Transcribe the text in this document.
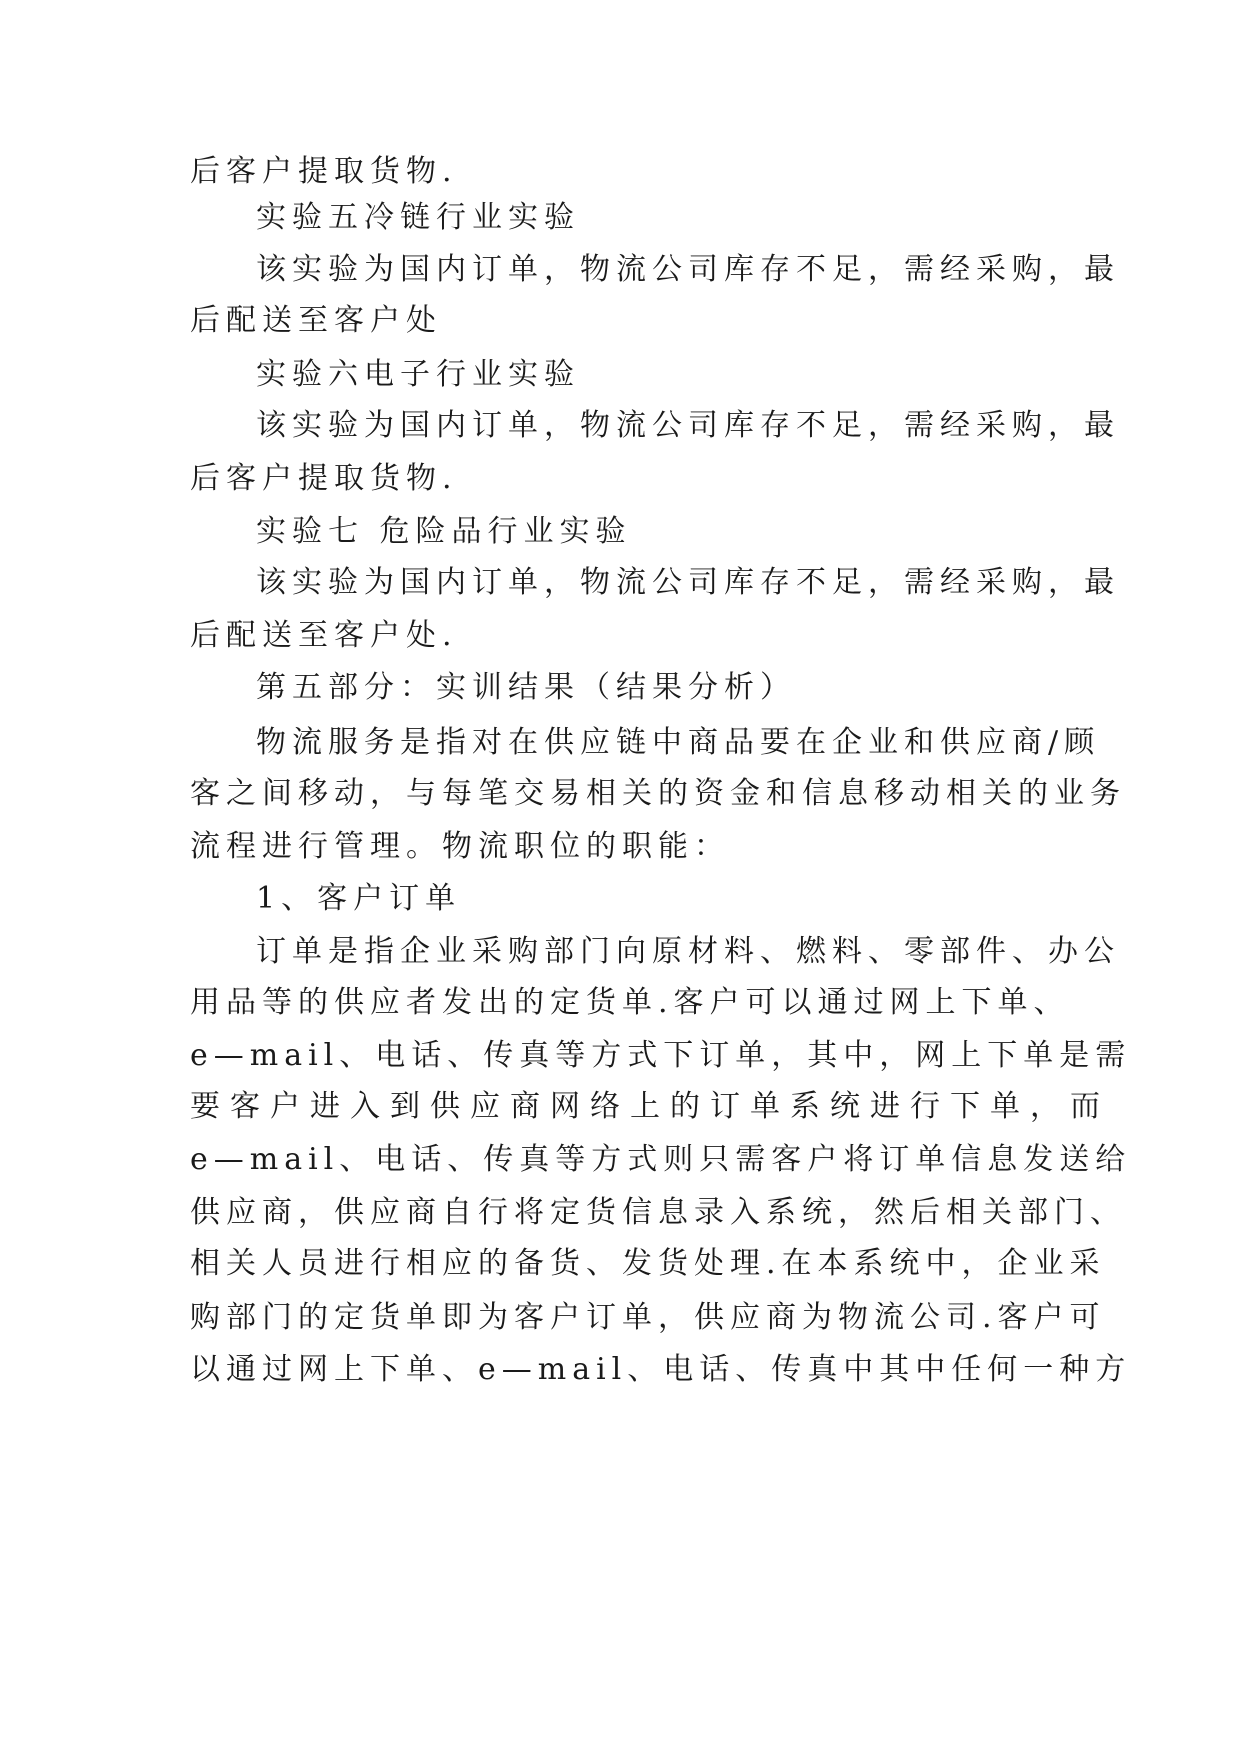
后客户提取货物.
实验五冷链行业实验
该实验为国内订单，物流公司库存不足，需经采购，最
后配送至客户处
实验六电子行业实验
该实验为国内订单，物流公司库存不足，需经采购，最
后客户提取货物.
实验七 危险品行业实验
该实验为国内订单，物流公司库存不足，需经采购，最
后配送至客户处.
第五部分：实训结果（结果分析）
物流服务是指对在供应链中商品要在企业和供应商/顾
客之间移动，与每笔交易相关的资金和信息移动相关的业务
流程进行管理。物流职位的职能：
1、客户订单
订单是指企业采购部门向原材料、燃料、零部件、办公
用品等的供应者发出的定货单.客户可以通过网上下单、
e—mail、电话、传真等方式下订单，其中，网上下单是需
要客户进入到供应商网络上的订单系统进行下单，而
e—mail、电话、传真等方式则只需客户将订单信息发送给
供应商，供应商自行将定货信息录入系统，然后相关部门、
相关人员进行相应的备货、发货处理.在本系统中，企业采
购部门的定货单即为客户订单，供应商为物流公司.客户可
以通过网上下单、e—mail、电话、传真中其中任何一种方
